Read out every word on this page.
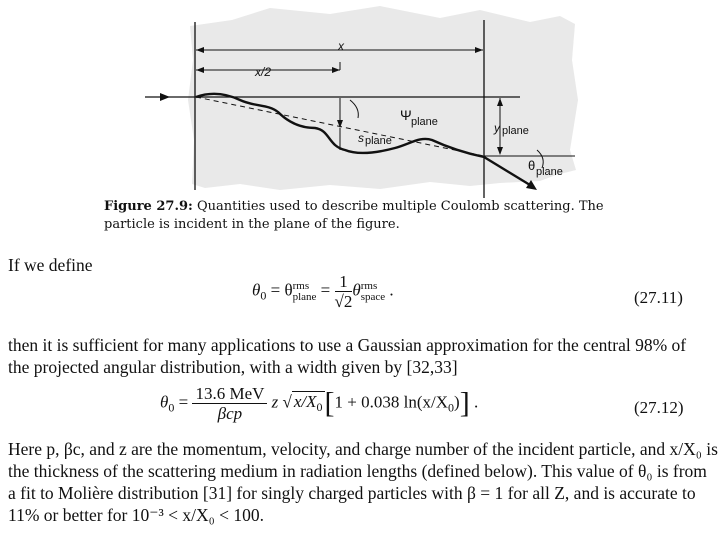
x
x/2
Ψ plane	y plane
s plane
θ plane
Figure 27.9: Quantities used to describe multiple Coulomb scattering. The particle is incident in the plane of the figure.
If we define
$\theta_0 = \theta$ rms
plane = $\frac{1}{√2}$ θ rms
space .	(27.11)
then it is sufficient for many applications to use a Gaussian approximation for the central 98% of the projected angular distribution, with a width given by [32,33]
$\theta_0 = \frac{\text{13.6 MeV}}{\text{βcp}}$ z √ $x/X_0[1 + 0.038$ $\ln(x/X_0)$] .	(27.12)
Here p, βc, and z are the momentum, velocity, and charge number of the incident particle, and x/X₀ is the thickness of the scattering medium in radiation lengths (defined below). This value of θ₀ is from a fit to Molière distribution [31] for singly charged particles with β = 1 for all Z, and is accurate to 11% or better for 10⁻³ < x/X₀ < 100.
